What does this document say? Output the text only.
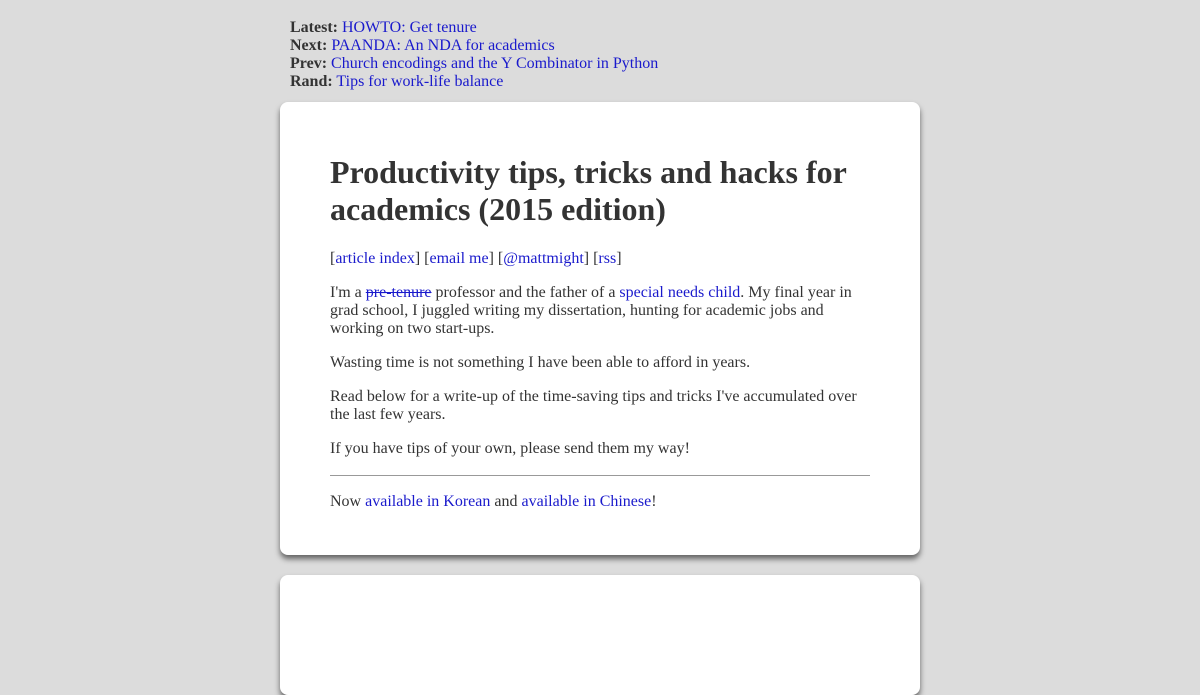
Latest: HOWTO: Get tenure
Next: PAANDA: An NDA for academics
Prev: Church encodings and the Y Combinator in Python
Rand: Tips for work-life balance
Productivity tips, tricks and hacks for academics (2015 edition)
[article index] [email me] [@mattmight] [rss]

I'm a pre-tenure professor and the father of a special needs child. My final year in grad school, I juggled writing my dissertation, hunting for academic jobs and working on two start-ups.

Wasting time is not something I have been able to afford in years.

Read below for a write-up of the time-saving tips and tricks I've accumulated over the last few years.

If you have tips of your own, please send them my way!

Now available in Korean and available in Chinese!
